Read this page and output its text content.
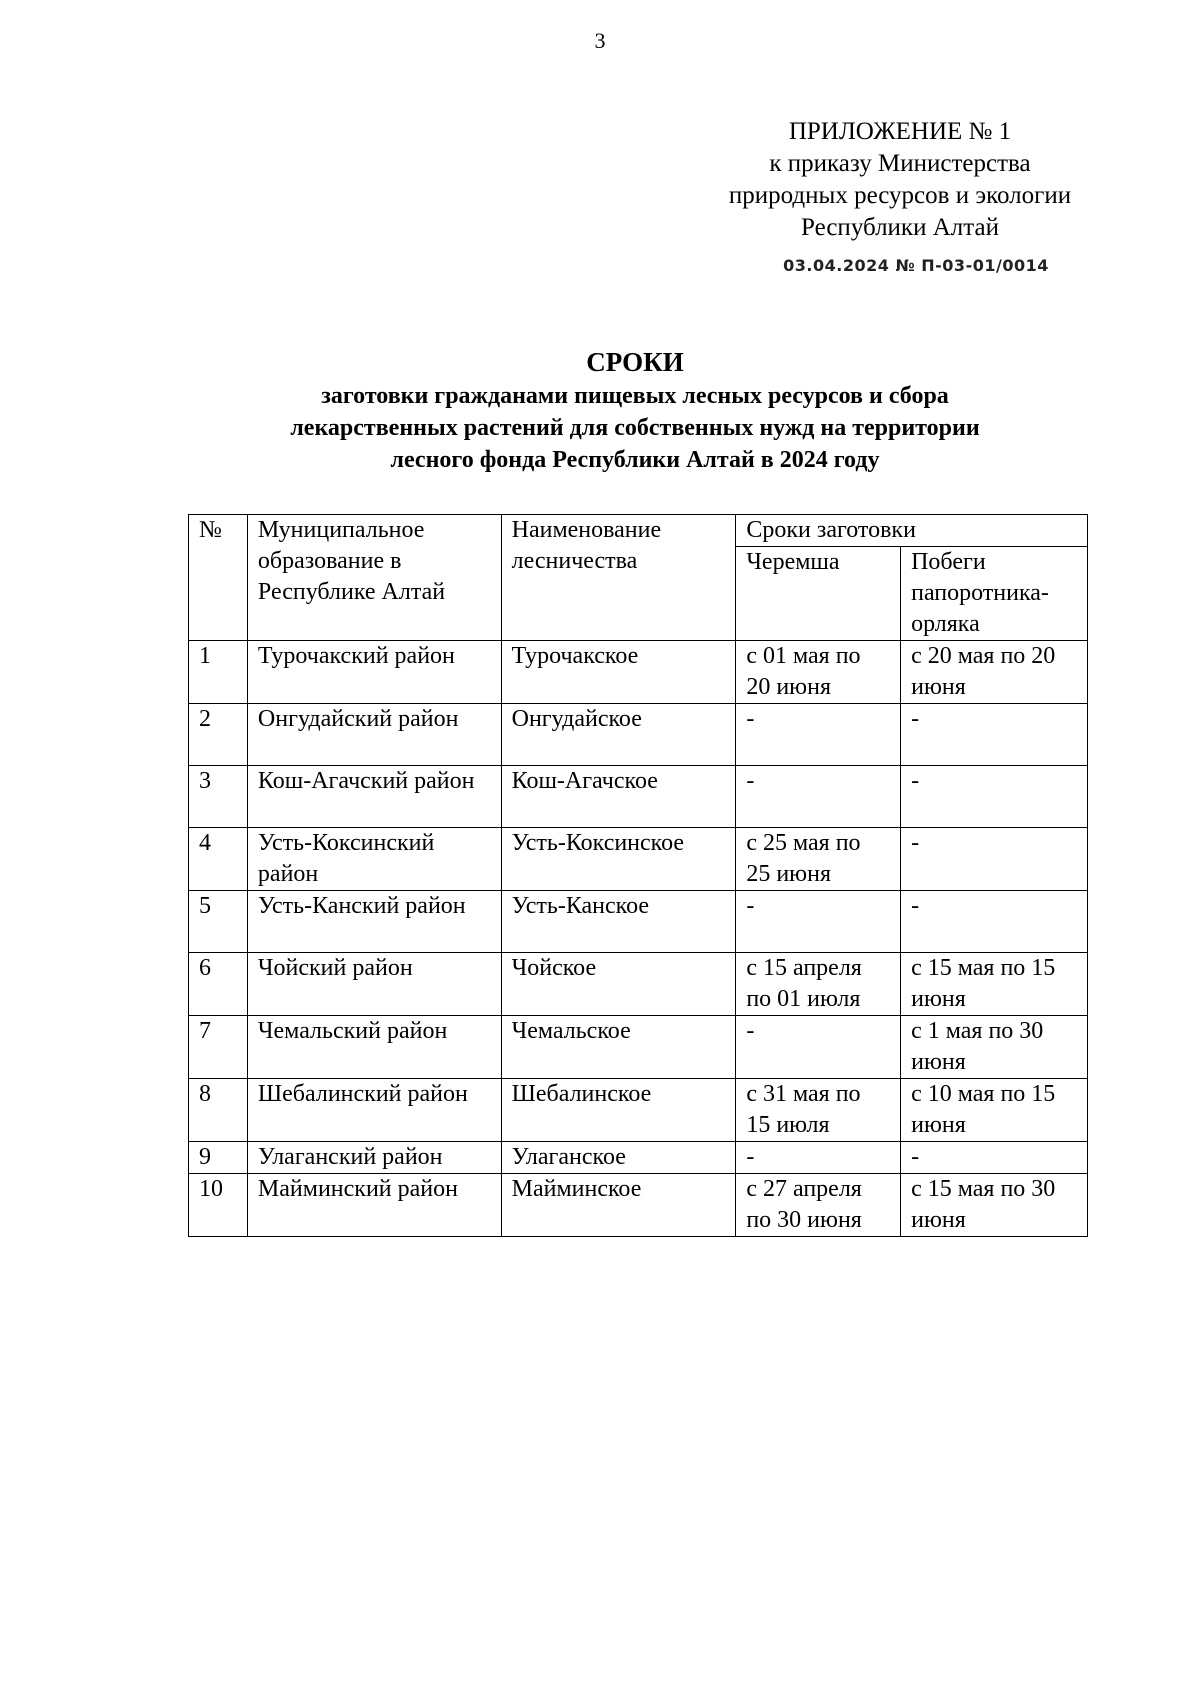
3
ПРИЛОЖЕНИЕ № 1
к приказу Министерства
природных ресурсов и экологии
Республики Алтай
03.04.2024 № П-03-01/0014
СРОКИ
заготовки гражданами пищевых лесных ресурсов и сбора
лекарственных растений для собственных нужд на территории
лесного фонда Республики Алтай в 2024 году
№	Муниципальное образование в Республике Алтай	Наименование лесничества	Сроки заготовки	
			Черемша	Побеги папоротника-орляка
1	Турочакский район	Турочакское	с 01 мая по 20 июня	с 20 мая по 20 июня
2	Онгудайский район	Онгудайское	-	-
3	Кош-Агачский район	Кош-Агачское	-	-
4	Усть-Коксинский район	Усть-Коксинское	с 25 мая по 25 июня	-
5	Усть-Канский район	Усть-Канское	-	-
6	Чойский район	Чойское	с 15 апреля по 01 июля	с 15 мая по 15 июня
7	Чемальский район	Чемальское	-	с 1 мая по 30 июня
8	Шебалинский район	Шебалинское	с 31 мая по 15 июля	с 10 мая по 15 июня
9	Улаганский район	Улаганское	-	-
10	Майминский район	Майминское	с 27 апреля по 30 июня	с 15 мая по 30 июня
